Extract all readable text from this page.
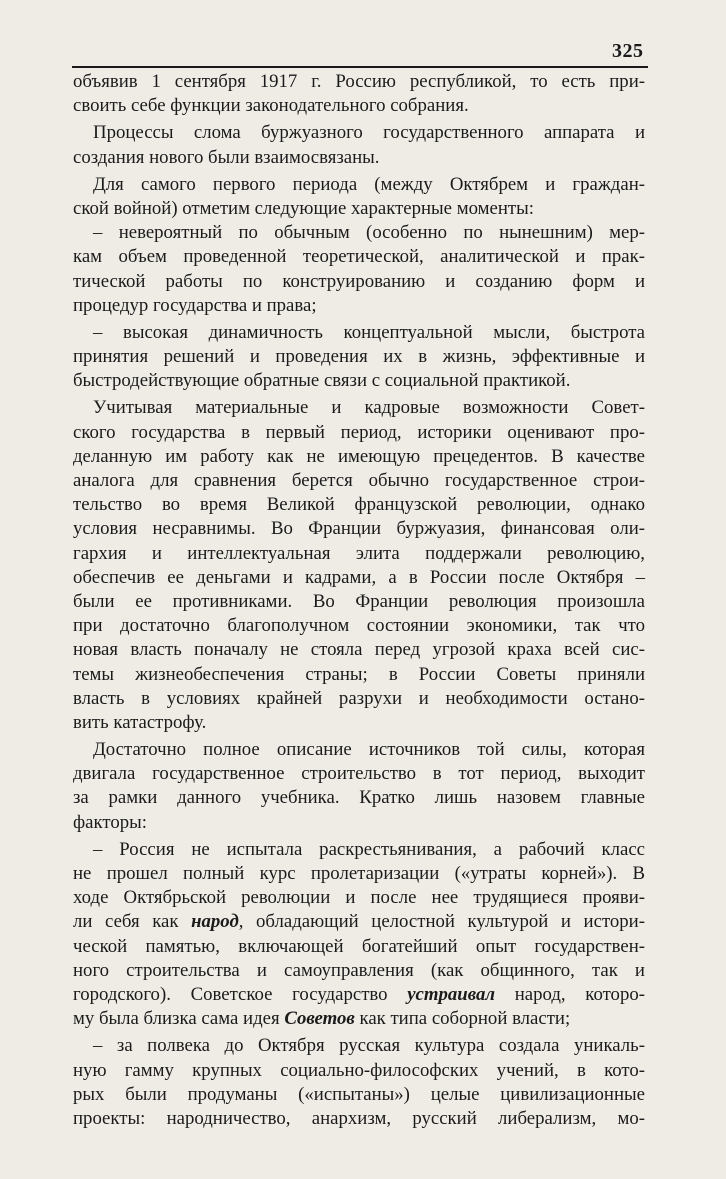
325
объявив 1 сентября 1917 г. Россию республикой, то есть при-
своить себе функции законодательного собрания.
Процессы слома буржуазного государственного аппарата и
создания нового были взаимосвязаны.
Для самого первого периода (между Октябрем и граждан-
ской войной) отметим следующие характерные моменты:
– невероятный по обычным (особенно по нынешним) мер-
кам объем проведенной теоретической, аналитической и прак-
тической работы по конструированию и созданию форм и
процедур государства и права;
– высокая динамичность концептуальной мысли, быстрота
принятия решений и проведения их в жизнь, эффективные и
быстродействующие обратные связи с социальной практикой.
Учитывая материальные и кадровые возможности Совет-
ского государства в первый период, историки оценивают про-
деланную им работу как не имеющую прецедентов. В качестве
аналога для сравнения берется обычно государственное строи-
тельство во время Великой французской революции, однако
условия несравнимы. Во Франции буржуазия, финансовая оли-
гархия и интеллектуальная элита поддержали революцию,
обеспечив ее деньгами и кадрами, а в России после Октября –
были ее противниками. Во Франции революция произошла
при достаточно благополучном состоянии экономики, так что
новая власть поначалу не стояла перед угрозой краха всей сис-
темы жизнеобеспечения страны; в России Советы приняли
власть в условиях крайней разрухи и необходимости остано-
вить катастрофу.
Достаточно полное описание источников той силы, которая
двигала государственное строительство в тот период, выходит
за рамки данного учебника. Кратко лишь назовем главные
факторы:
– Россия не испытала раскрестьянивания, а рабочий класс
не прошел полный курс пролетаризации («утраты корней»). В
ходе Октябрьской революции и после нее трудящиеся прояви-
ли себя как народ, обладающий целостной культурой и истори-
ческой памятью, включающей богатейший опыт государствен-
ного строительства и самоуправления (как общинного, так и
городского). Советское государство устраивал народ, которо-
му была близка сама идея Советов как типа соборной власти;
– за полвека до Октября русская культура создала уникаль-
ную гамму крупных социально-философских учений, в кото-
рых были продуманы («испытаны») целые цивилизационные
проекты: народничество, анархизм, русский либерализм, мо-
